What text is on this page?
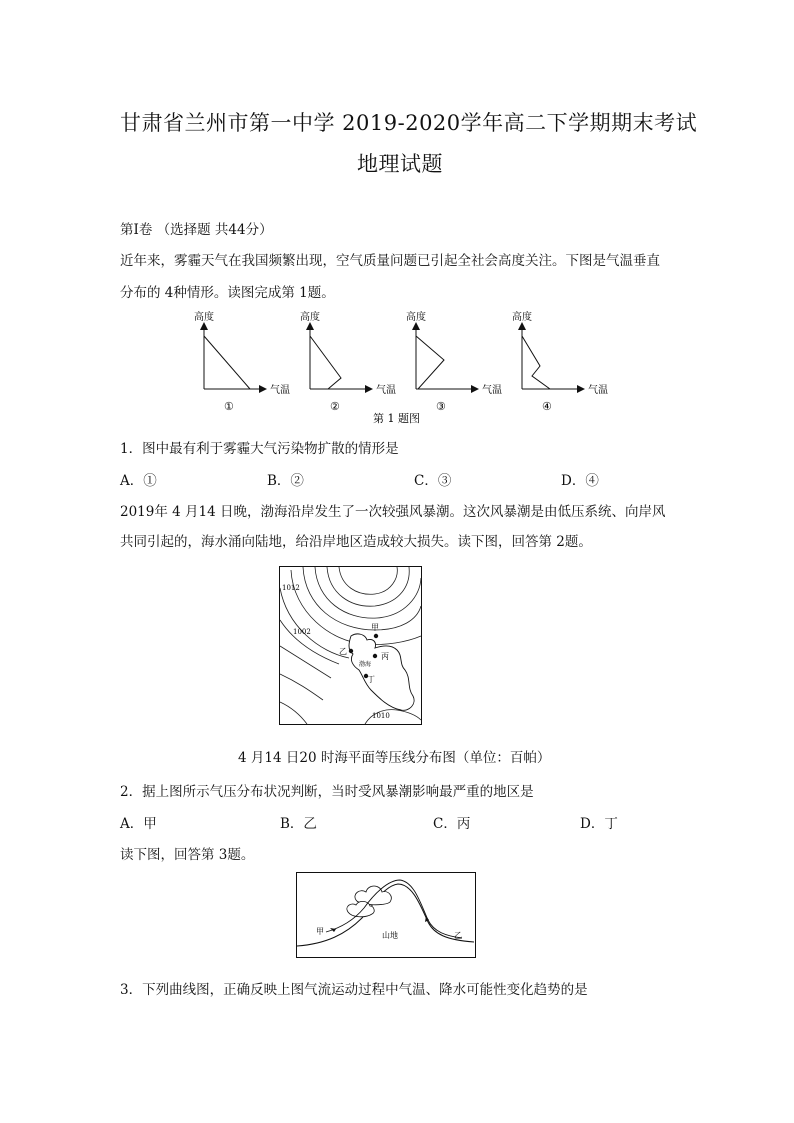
甘肃省兰州市第一中学 2019-2020学年高二下学期期末考试
地理试题
第Ⅰ卷 （选择题 共44分）
近年来，雾霾天气在我国频繁出现，空气质量问题已引起全社会高度关注。下图是气温垂直
分布的 4种情形。读图完成第 1题。
高度
气温
①
高度
气温
②
高度
气温
③
高度
气温
④
第 1 题图
1．图中最有利于雾霾大气污染物扩散的情形是
A．①	B．②	C．③	D．④
2019年 4 月14 日晚，渤海沿岸发生了一次较强风暴潮。这次风暴潮是由低压系统、向岸风
共同引起的，海水涌向陆地，给沿岸地区造成较大损失。读下图，回答第 2题。
1012
1002
1010
甲
乙
丙
丁
渤海
4 月14 日20 时海平面等压线分布图（单位：百帕）
2．据上图所示气压分布状况判断，当时受风暴潮影响最严重的地区是
A．甲	B．乙	C．丙	D．丁
读下图，回答第 3题。
甲	乙
山地
3．下列曲线图，正确反映上图气流运动过程中气温、降水可能性变化趋势的是
